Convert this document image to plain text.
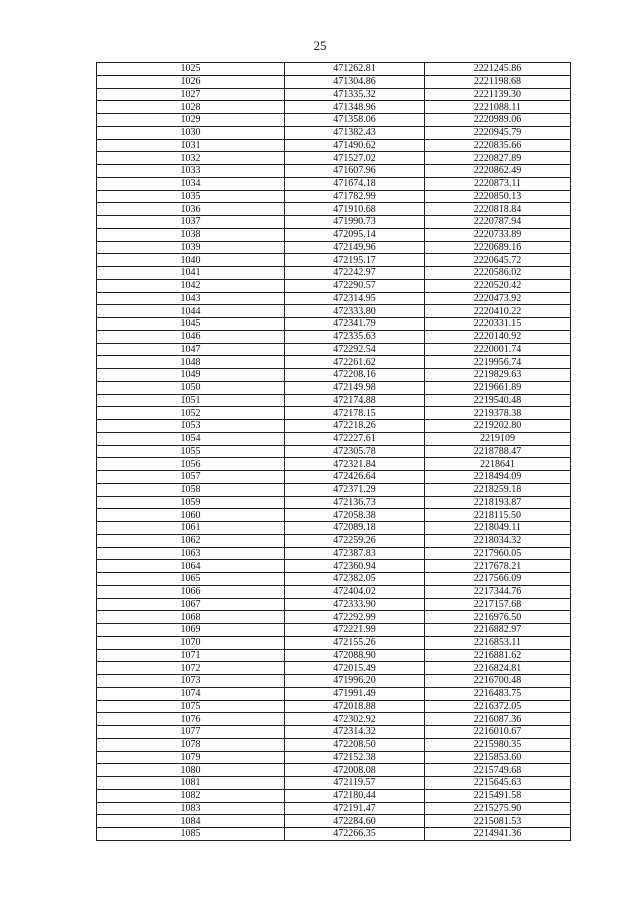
25
1025	471262.81	2221245.86
1026	471304.86	2221198.68
1027	471335.32	2221139.30
1028	471348.96	2221088.11
1029	471358.06	2220989.06
1030	471382.43	2220945.79
1031	471490.62	2220835.66
1032	471527.02	2220827.89
1033	471607.96	2220862.49
1034	471674.18	2220873.11
1035	471782.99	2220850.13
1036	471910.68	2220818.84
1037	471990.73	2220787.94
1038	472095.14	2220733.89
1039	472149.96	2220689.16
1040	472195.17	2220645.72
1041	472242.97	2220586.02
1042	472290.57	2220520.42
1043	472314.95	2220473.92
1044	472333.80	2220410.22
1045	472341.79	2220331.15
1046	472335.63	2220140.92
1047	472292.54	2220001.74
1048	472261.62	2219956.74
1049	472208.16	2219829.63
1050	472149.98	2219661.89
1051	472174.88	2219540.48
1052	472178.15	2219378.38
1053	472218.26	2219202.80
1054	472227.61	2219109
1055	472305.78	2218788.47
1056	472321.84	2218641
1057	472426.64	2218494.09
1058	472371.29	2218259.18
1059	472136.73	2218193.87
1060	472058.38	2218115.50
1061	472089.18	2218049.11
1062	472259.26	2218034.32
1063	472387.83	2217960.05
1064	472360.94	2217678.21
1065	472382.05	2217566.09
1066	472404.02	2217344.76
1067	472333.90	2217157.68
1068	472292.99	2216976.50
1069	472221.99	2216882.97
1070	472155.26	2216853.11
1071	472088.90	2216881.62
1072	472015.49	2216824.81
1073	471996.20	2216700.48
1074	471991.49	2216483.75
1075	472018.88	2216372.05
1076	472302.92	2216087.36
1077	472314.32	2216010.67
1078	472208.50	2215980.35
1079	472152.38	2215853.60
1080	472008.08	2215749.68
1081	472119.57	2215645.63
1082	472180.44	2215491.58
1083	472191.47	2215275.90
1084	472284.60	2215081.53
1085	472266.35	2214941.36
